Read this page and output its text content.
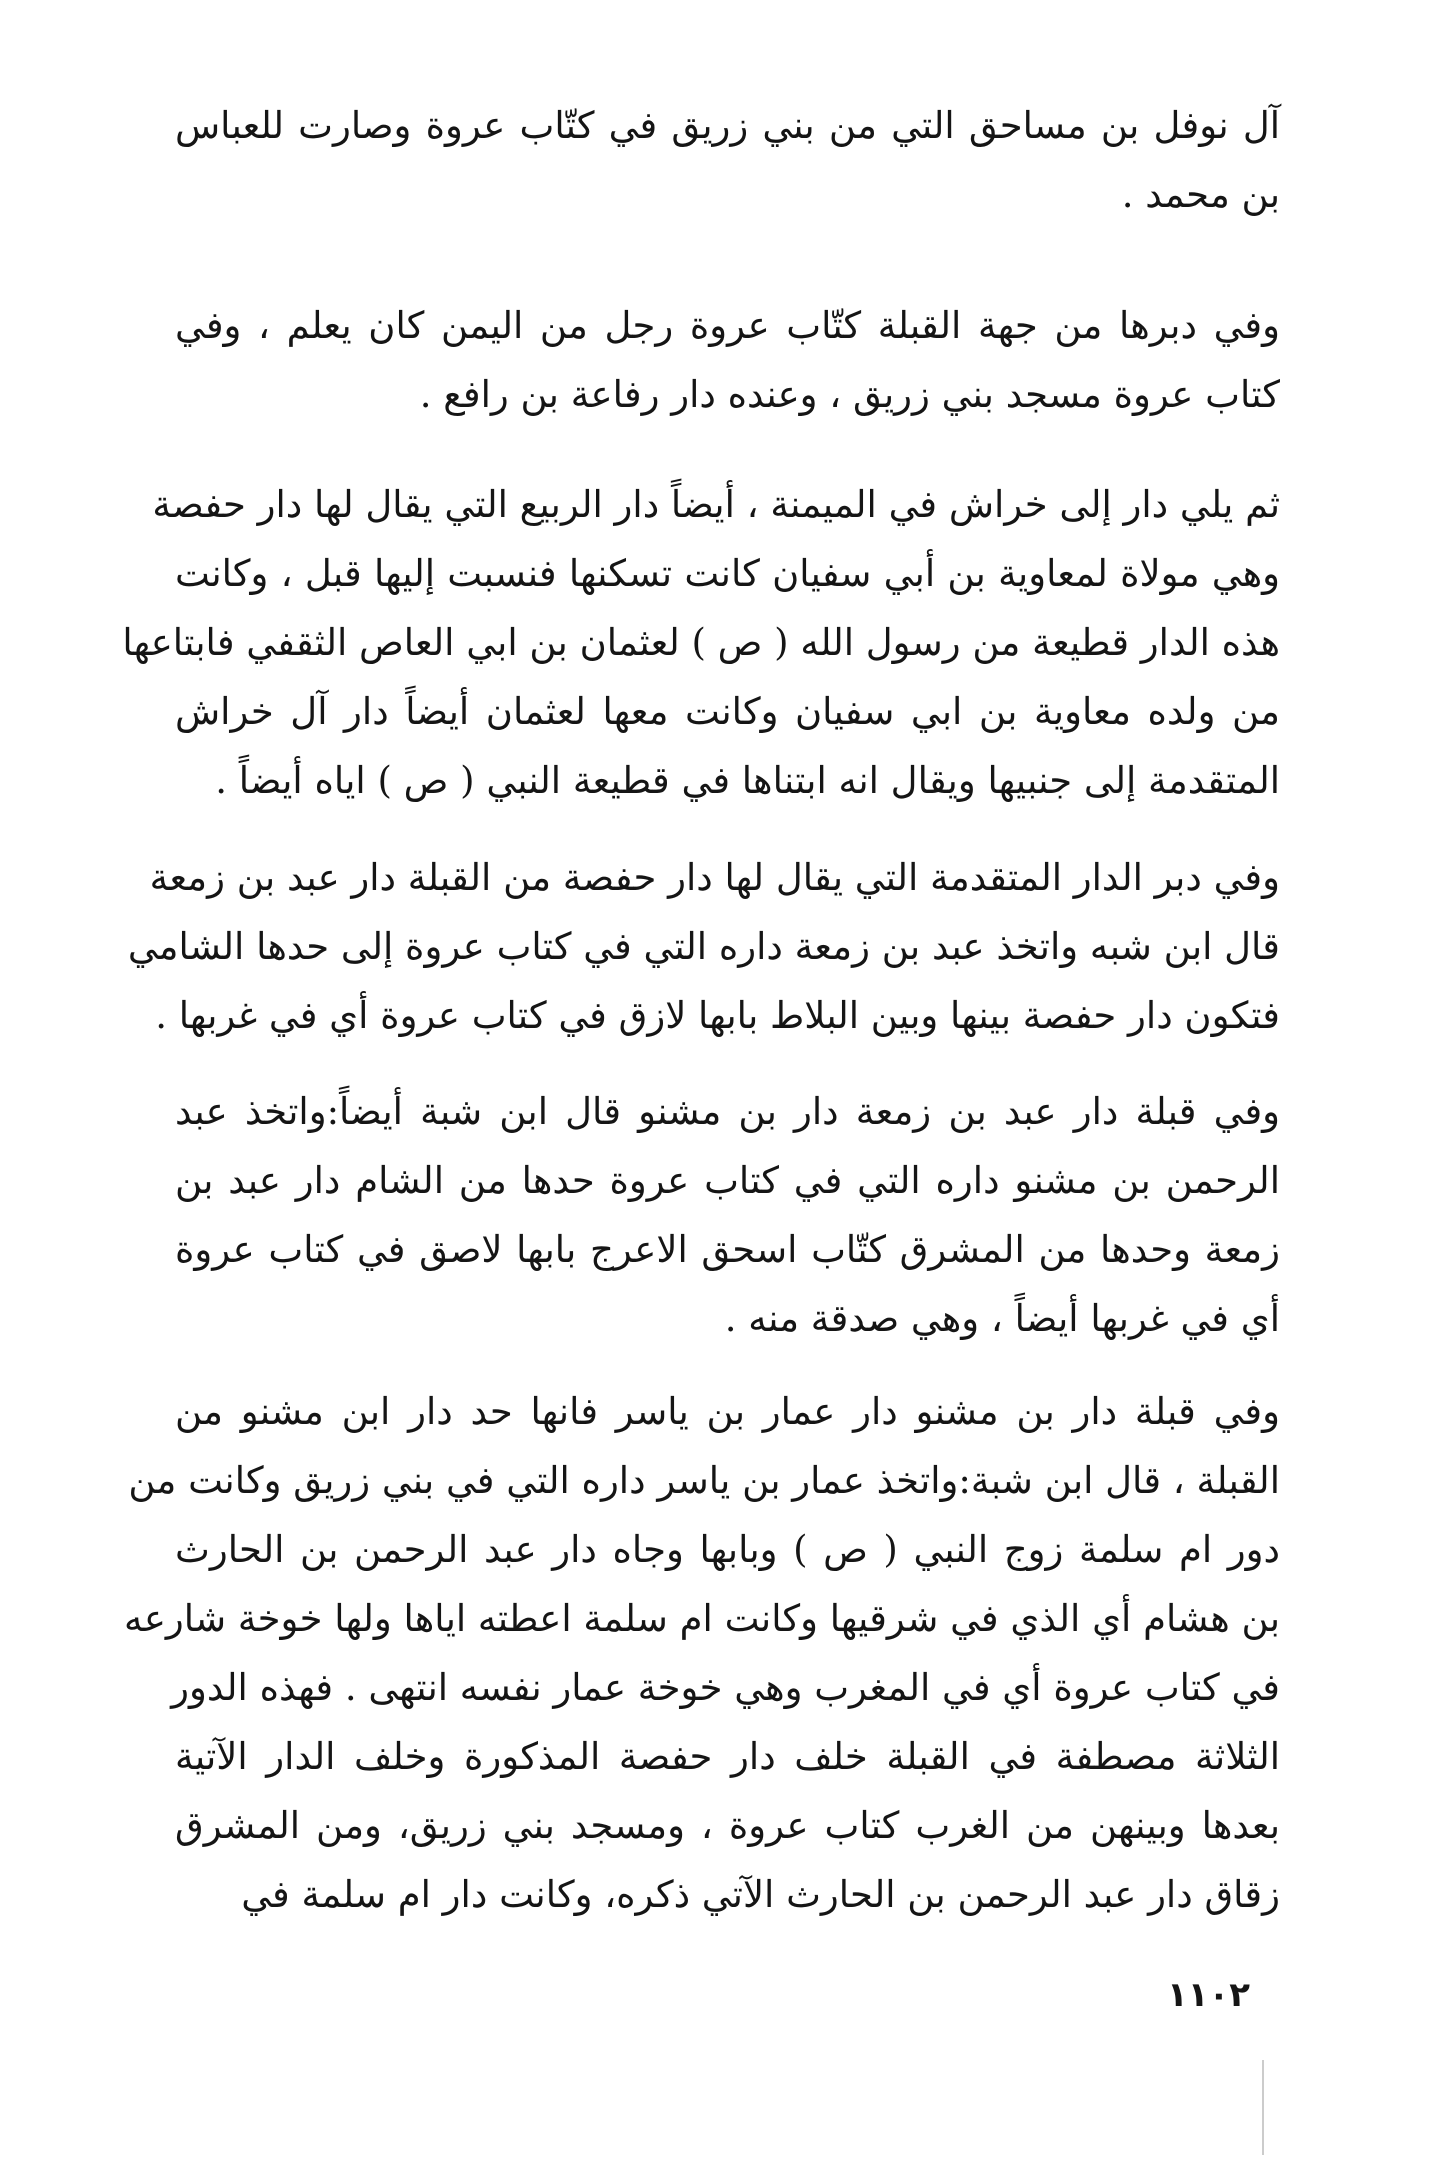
آل نوفل بن مساحق التي من بني زريق في كتّاب عروة وصارت للعباس
بن محمد .
وفي دبرها من جهة القبلة كتّاب عروة رجل من اليمن كان يعلم ، وفي
كتاب عروة مسجد بني زريق ، وعنده دار رفاعة بن رافع .
ثم يلي دار إلى خراش في الميمنة ، أيضاً دار الربيع التي يقال لها دار حفصة
وهي مولاة لمعاوية بن أبي سفيان كانت تسكنها فنسبت إليها قبل ، وكانت
هذه الدار قطيعة من رسول الله ( ص ) لعثمان بن ابي العاص الثقفي فابتاعها
من ولده معاوية بن ابي سفيان وكانت معها لعثمان أيضاً دار آل خراش
المتقدمة إلى جنبيها ويقال انه ابتناها في قطيعة النبي ( ص ) اياه أيضاً .
وفي دبر الدار المتقدمة التي يقال لها دار حفصة من القبلة دار عبد بن زمعة
قال ابن شبه واتخذ عبد بن زمعة داره التي في كتاب عروة إلى حدها الشامي
فتكون دار حفصة بينها وبين البلاط بابها لازق في كتاب عروة أي في غربها .
وفي قبلة دار عبد بن زمعة دار بن مشنو قال ابن شبة أيضاً:واتخذ عبد
الرحمن بن مشنو داره التي في كتاب عروة حدها من الشام دار عبد بن
زمعة وحدها من المشرق كتّاب اسحق الاعرج بابها لاصق في كتاب عروة
أي في غربها أيضاً ، وهي صدقة منه .
وفي قبلة دار بن مشنو دار عمار بن ياسر فانها حد دار ابن مشنو من
القبلة ، قال ابن شبة:واتخذ عمار بن ياسر داره التي في بني زريق وكانت من
دور ام سلمة زوج النبي ( ص ) وبابها وجاه دار عبد الرحمن بن الحارث
بن هشام أي الذي في شرقيها وكانت ام سلمة اعطته اياها ولها خوخة شارعه
في كتاب عروة أي في المغرب وهي خوخة عمار نفسه انتهى . فهذه الدور
الثلاثة مصطفة في القبلة خلف دار حفصة المذكورة وخلف الدار الآتية
بعدها وبينهن من الغرب كتاب عروة ، ومسجد بني زريق، ومن المشرق
زقاق دار عبد الرحمن بن الحارث الآتي ذكره، وكانت دار ام سلمة في
١١٠٢
